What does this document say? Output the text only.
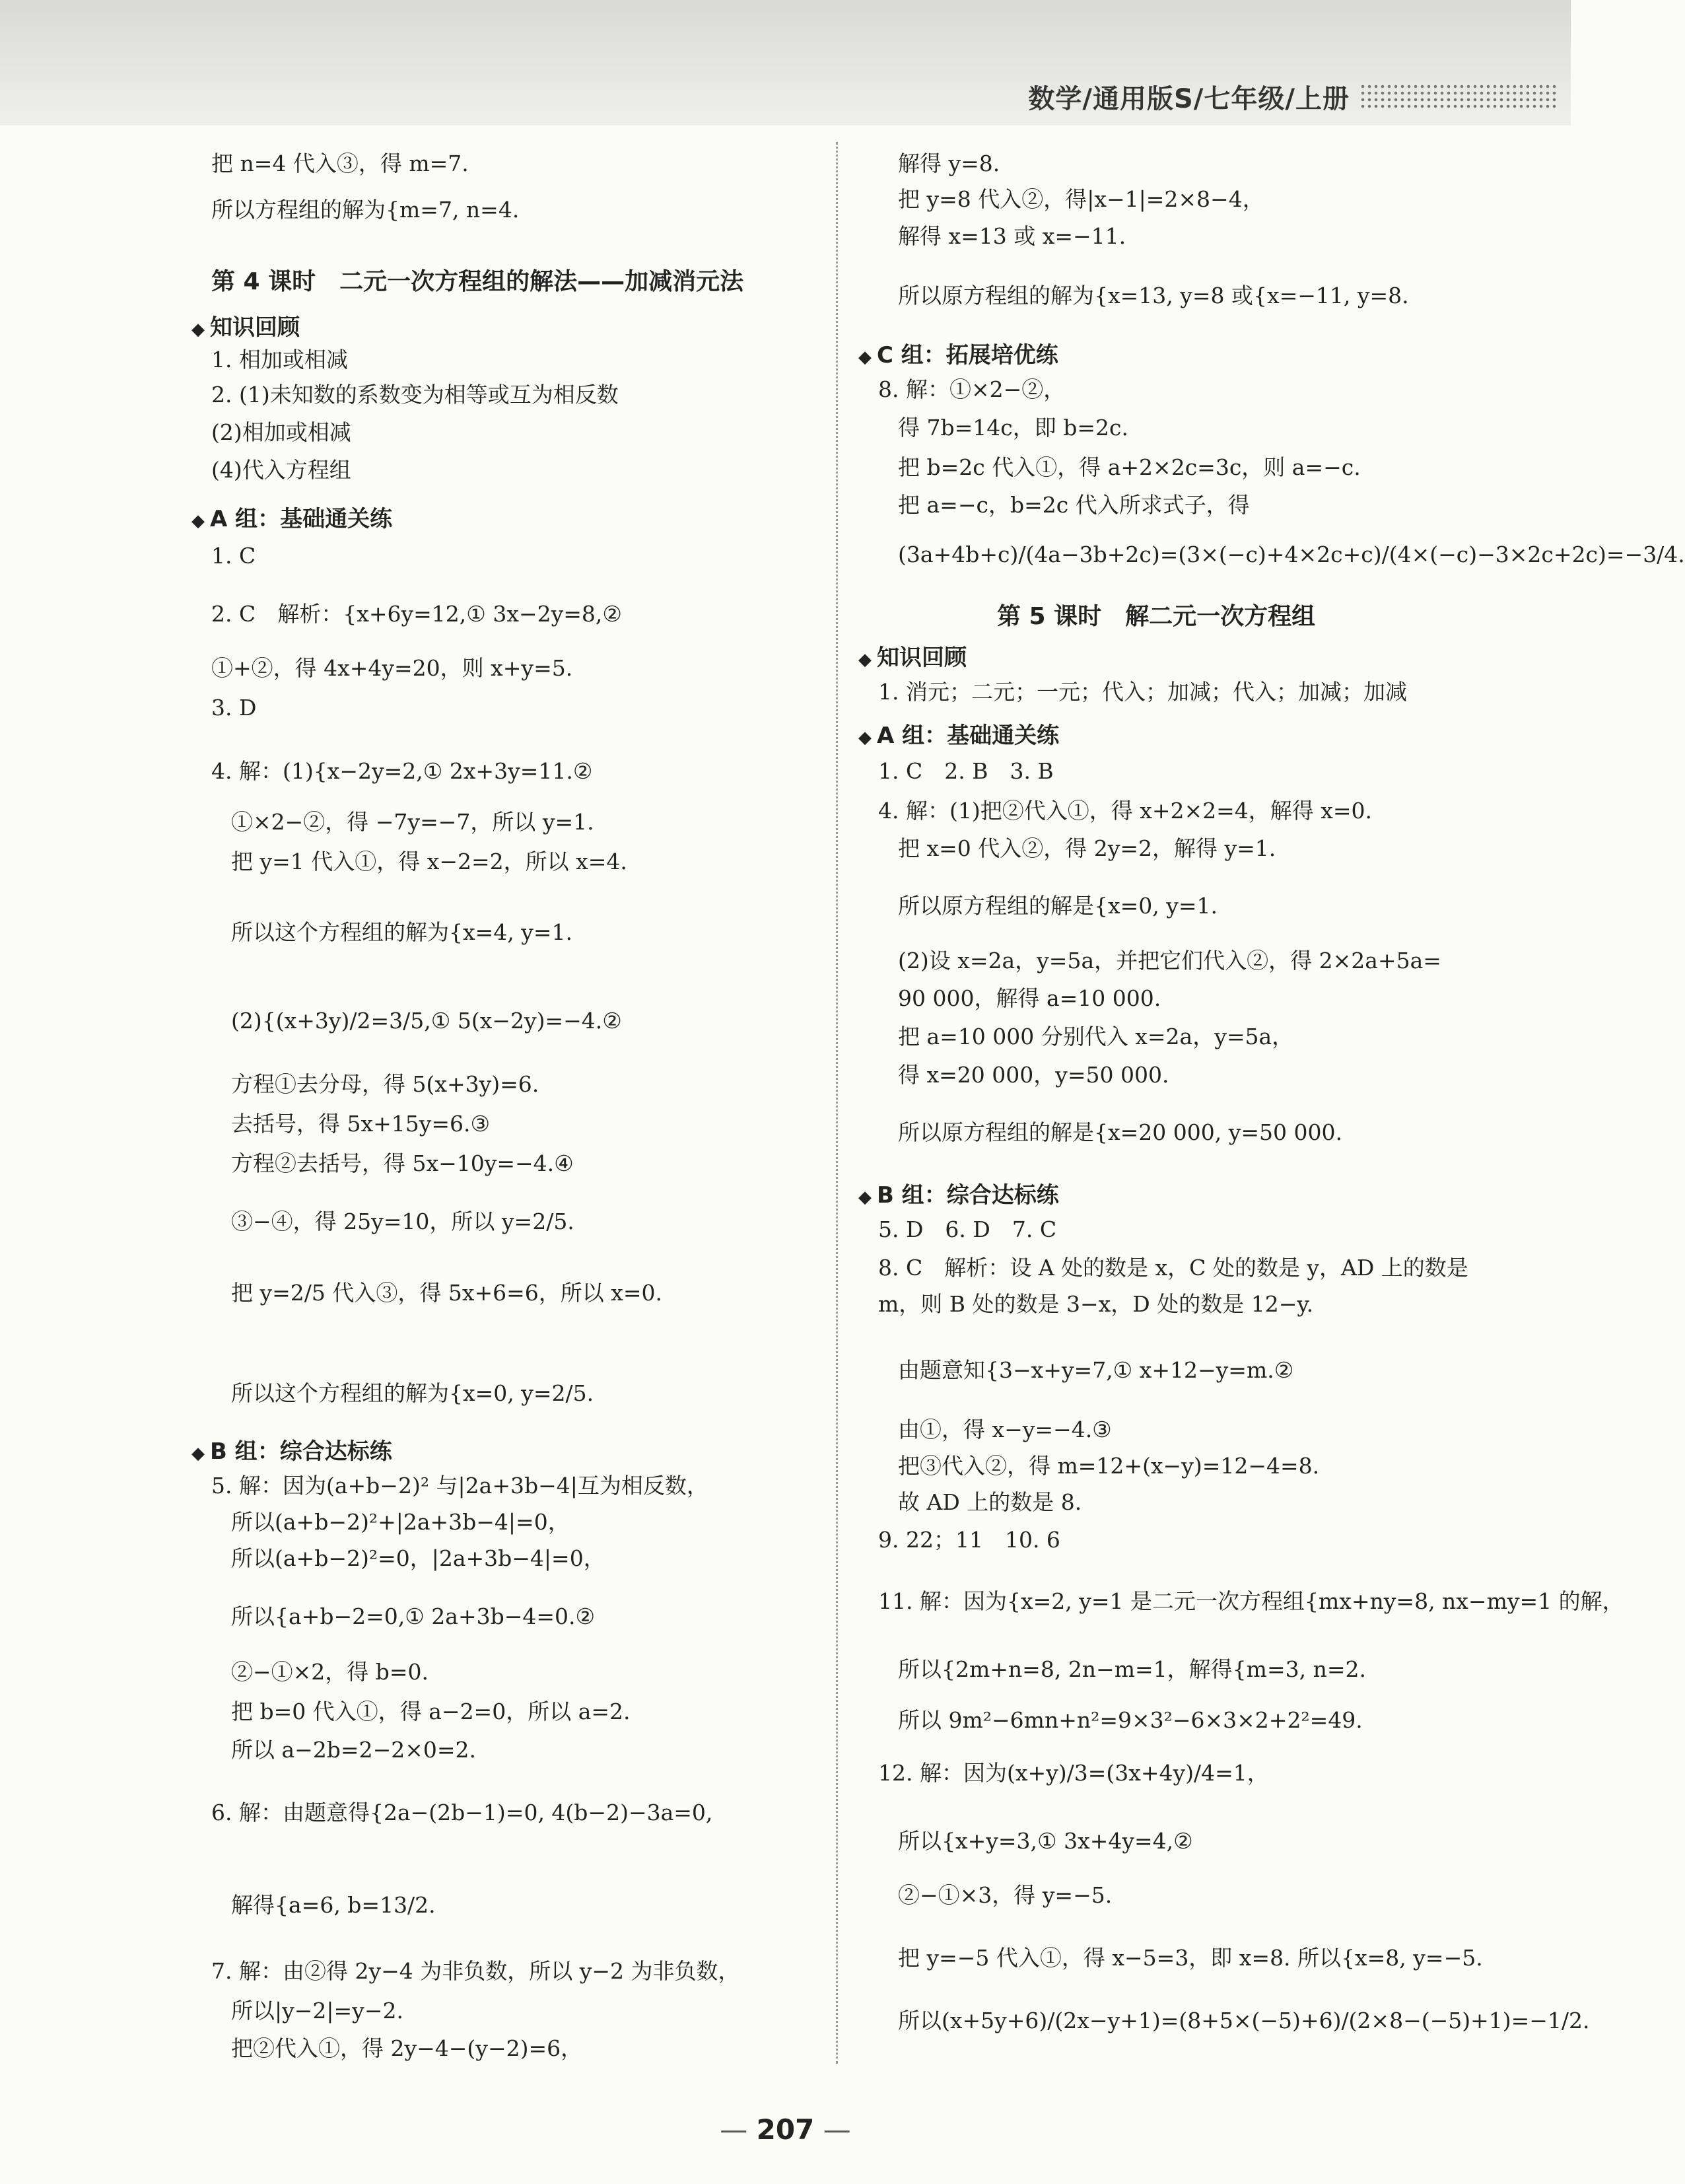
数学/通用版S/七年级/上册
把 n=4 代入③，得 m=7.
所以方程组的解为{m=7, n=4.
第 4 课时　二元一次方程组的解法——加减消元法
◆ 知识回顾
1. 相加或相减
2. (1)未知数的系数变为相等或互为相反数
(2)相加或相减
(4)代入方程组
◆ A 组：基础通关练
1. C
2. C　解析：{x+6y=12,① 3x−2y=8,②
①+②，得 4x+4y=20，则 x+y=5.
3. D
4. 解：(1){x−2y=2,① 2x+3y=11.②
①×2−②，得 −7y=−7，所以 y=1.
把 y=1 代入①，得 x−2=2，所以 x=4.
所以这个方程组的解为{x=4, y=1.
(2){(x+3y)/2=3/5,① 5(x−2y)=−4.②
方程①去分母，得 5(x+3y)=6.
去括号，得 5x+15y=6.③
方程②去括号，得 5x−10y=−4.④
③−④，得 25y=10，所以 y=2/5.
把 y=2/5 代入③，得 5x+6=6，所以 x=0.
所以这个方程组的解为{x=0, y=2/5.
◆ B 组：综合达标练
5. 解：因为(a+b−2)² 与|2a+3b−4|互为相反数，
所以(a+b−2)²+|2a+3b−4|=0，
所以(a+b−2)²=0，|2a+3b−4|=0，
所以{a+b−2=0,① 2a+3b−4=0.②
②−①×2，得 b=0.
把 b=0 代入①，得 a−2=0，所以 a=2.
所以 a−2b=2−2×0=2.
6. 解：由题意得{2a−(2b−1)=0, 4(b−2)−3a=0,
解得{a=6, b=13/2.
7. 解：由②得 2y−4 为非负数，所以 y−2 为非负数，
所以|y−2|=y−2.
把②代入①，得 2y−4−(y−2)=6，
解得 y=8.
把 y=8 代入②，得|x−1|=2×8−4，
解得 x=13 或 x=−11.
所以原方程组的解为{x=13, y=8 或{x=−11, y=8.
◆ C 组：拓展培优练
8. 解：①×2−②，
得 7b=14c，即 b=2c.
把 b=2c 代入①，得 a+2×2c=3c，则 a=−c.
把 a=−c，b=2c 代入所求式子，得
(3a+4b+c)/(4a−3b+2c)=(3×(−c)+4×2c+c)/(4×(−c)−3×2c+2c)=−3/4.
第 5 课时　解二元一次方程组
◆ 知识回顾
1. 消元；二元；一元；代入；加减；代入；加减；加减
◆ A 组：基础通关练
1. C　2. B　3. B
4. 解：(1)把②代入①，得 x+2×2=4，解得 x=0.
把 x=0 代入②，得 2y=2，解得 y=1.
所以原方程组的解是{x=0, y=1.
(2)设 x=2a，y=5a，并把它们代入②，得 2×2a+5a=
90 000，解得 a=10 000.
把 a=10 000 分别代入 x=2a，y=5a，
得 x=20 000，y=50 000.
所以原方程组的解是{x=20 000, y=50 000.
◆ B 组：综合达标练
5. D　6. D　7. C
8. C　解析：设 A 处的数是 x，C 处的数是 y，AD 上的数是
m，则 B 处的数是 3−x，D 处的数是 12−y.
由题意知{3−x+y=7,① x+12−y=m.②
由①，得 x−y=−4.③
把③代入②，得 m=12+(x−y)=12−4=8.
故 AD 上的数是 8.
9. 22；11　10. 6
11. 解：因为{x=2, y=1 是二元一次方程组{mx+ny=8, nx−my=1 的解，
所以{2m+n=8, 2n−m=1，解得{m=3, n=2.
所以 9m²−6mn+n²=9×3²−6×3×2+2²=49.
12. 解：因为(x+y)/3=(3x+4y)/4=1，
所以{x+y=3,① 3x+4y=4,②
②−①×3，得 y=−5.
把 y=−5 代入①，得 x−5=3，即 x=8. 所以{x=8, y=−5.
所以(x+5y+6)/(2x−y+1)=(8+5×(−5)+6)/(2×8−(−5)+1)=−1/2.
— 207 —
